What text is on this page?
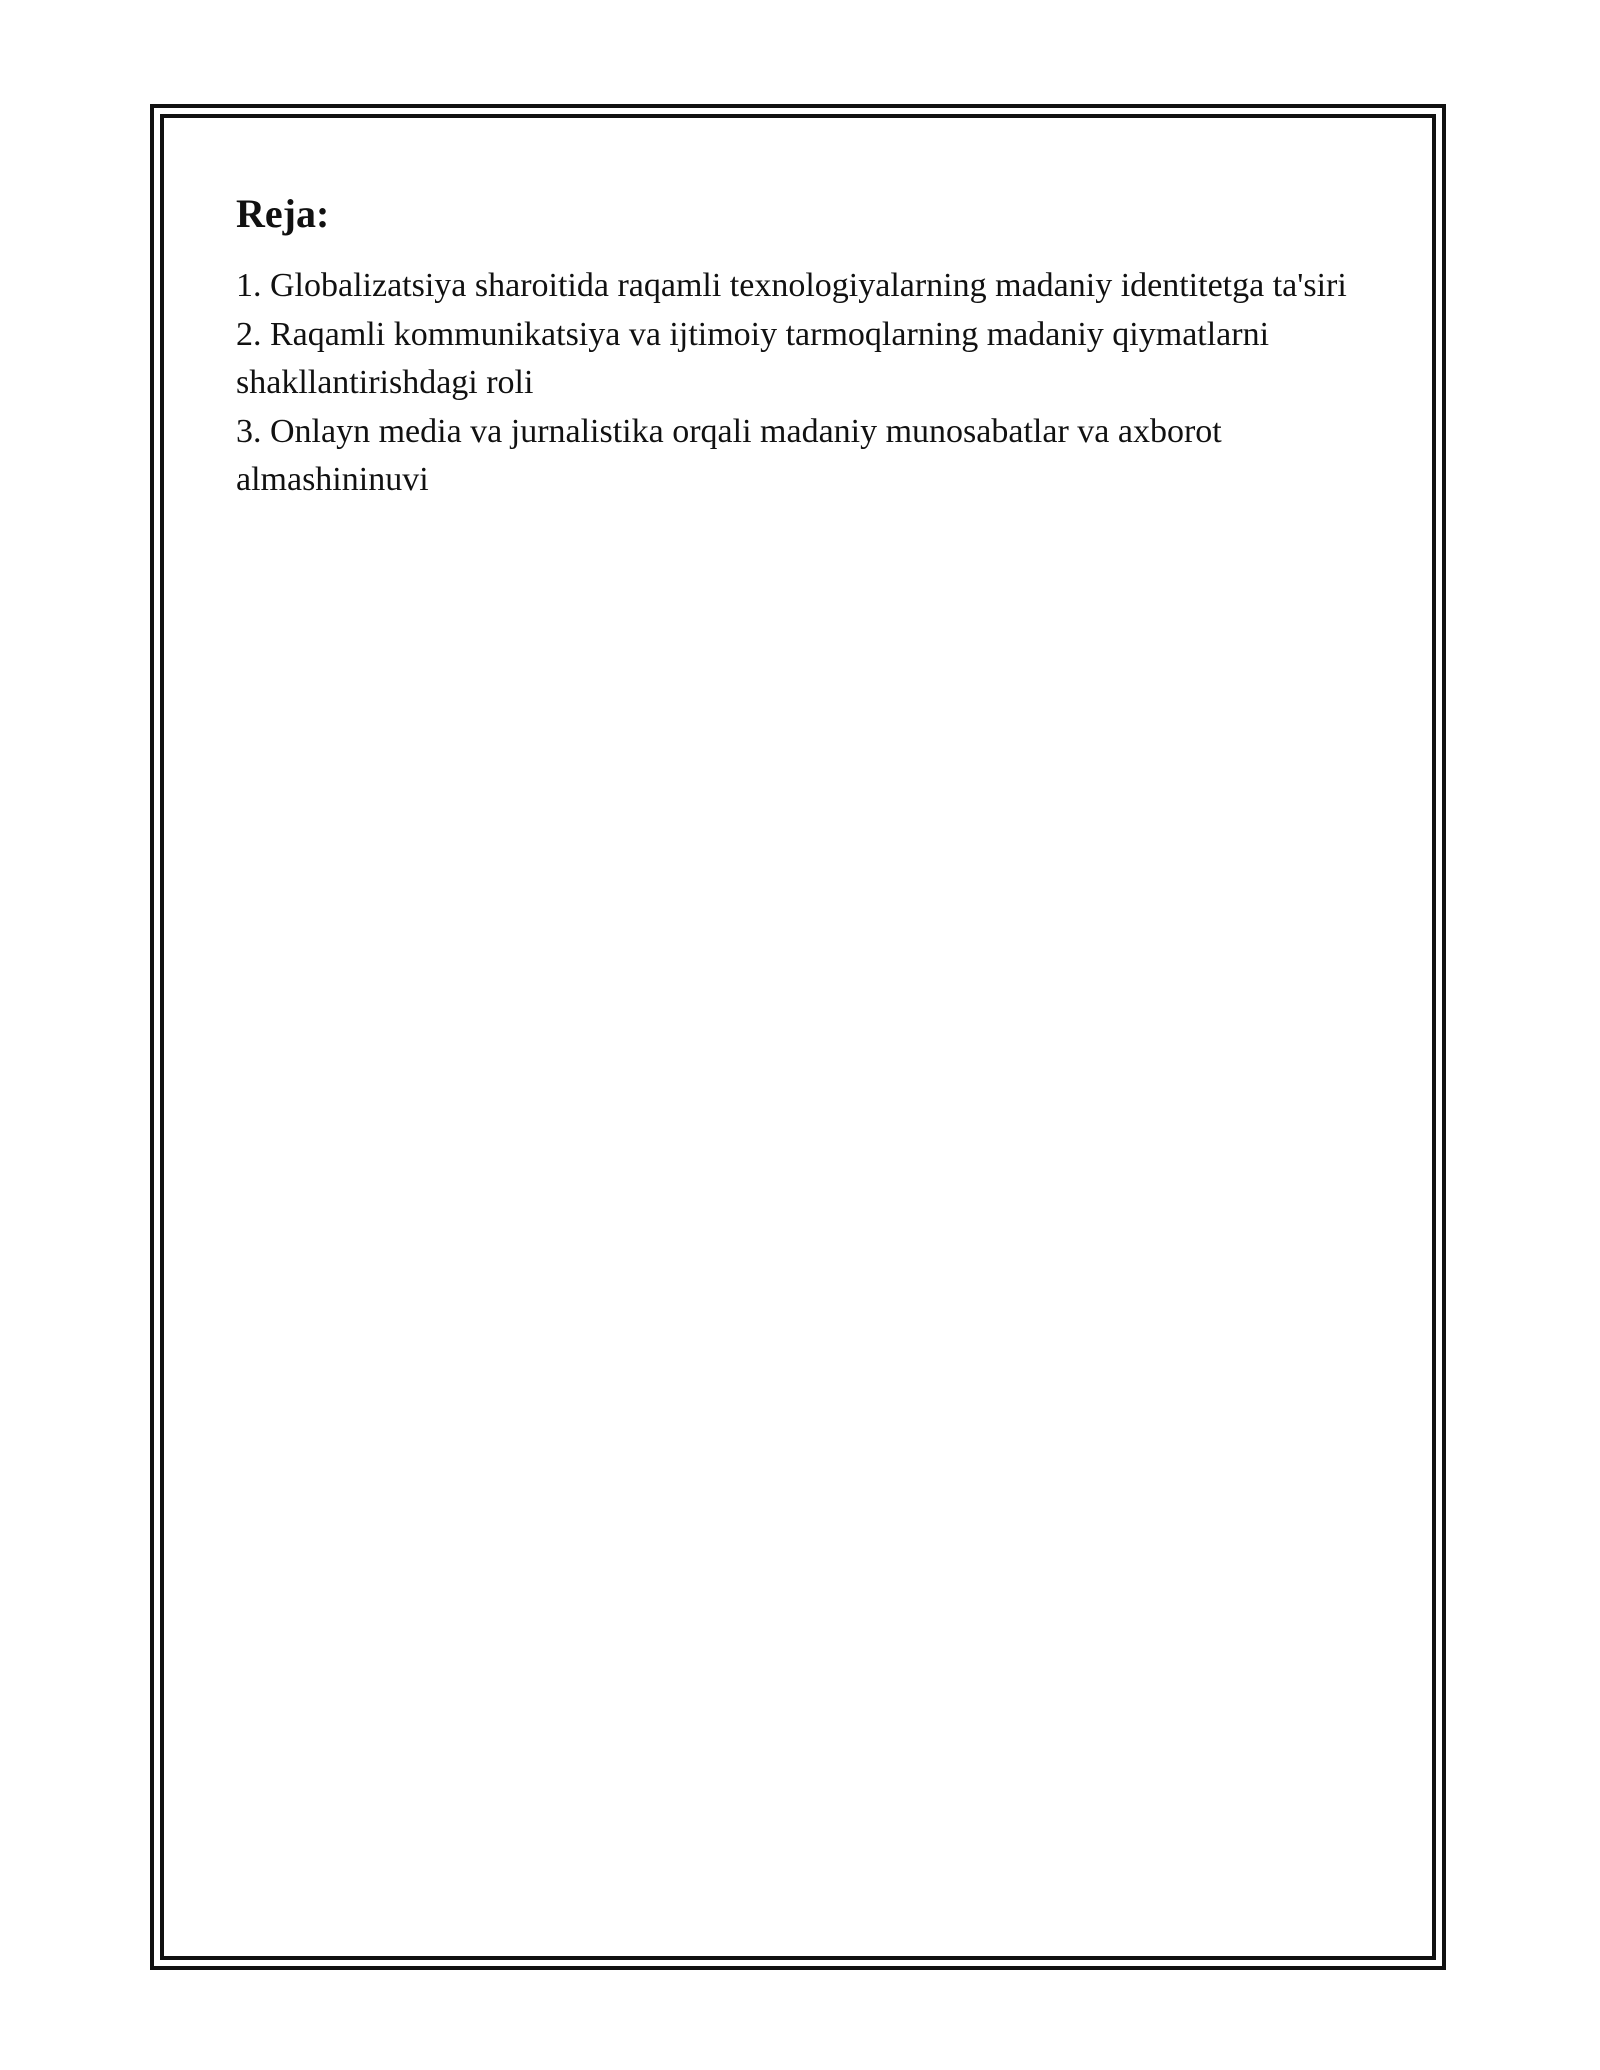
Reja:
1. Globalizatsiya sharoitida raqamli texnologiyalarning madaniy identitetga ta'siri
2. Raqamli kommunikatsiya va ijtimoiy tarmoqlarning madaniy qiymatlarni shakllantirishdagi roli
3. Onlayn media va jurnalistika orqali madaniy munosabatlar va axborot almashininuvi
